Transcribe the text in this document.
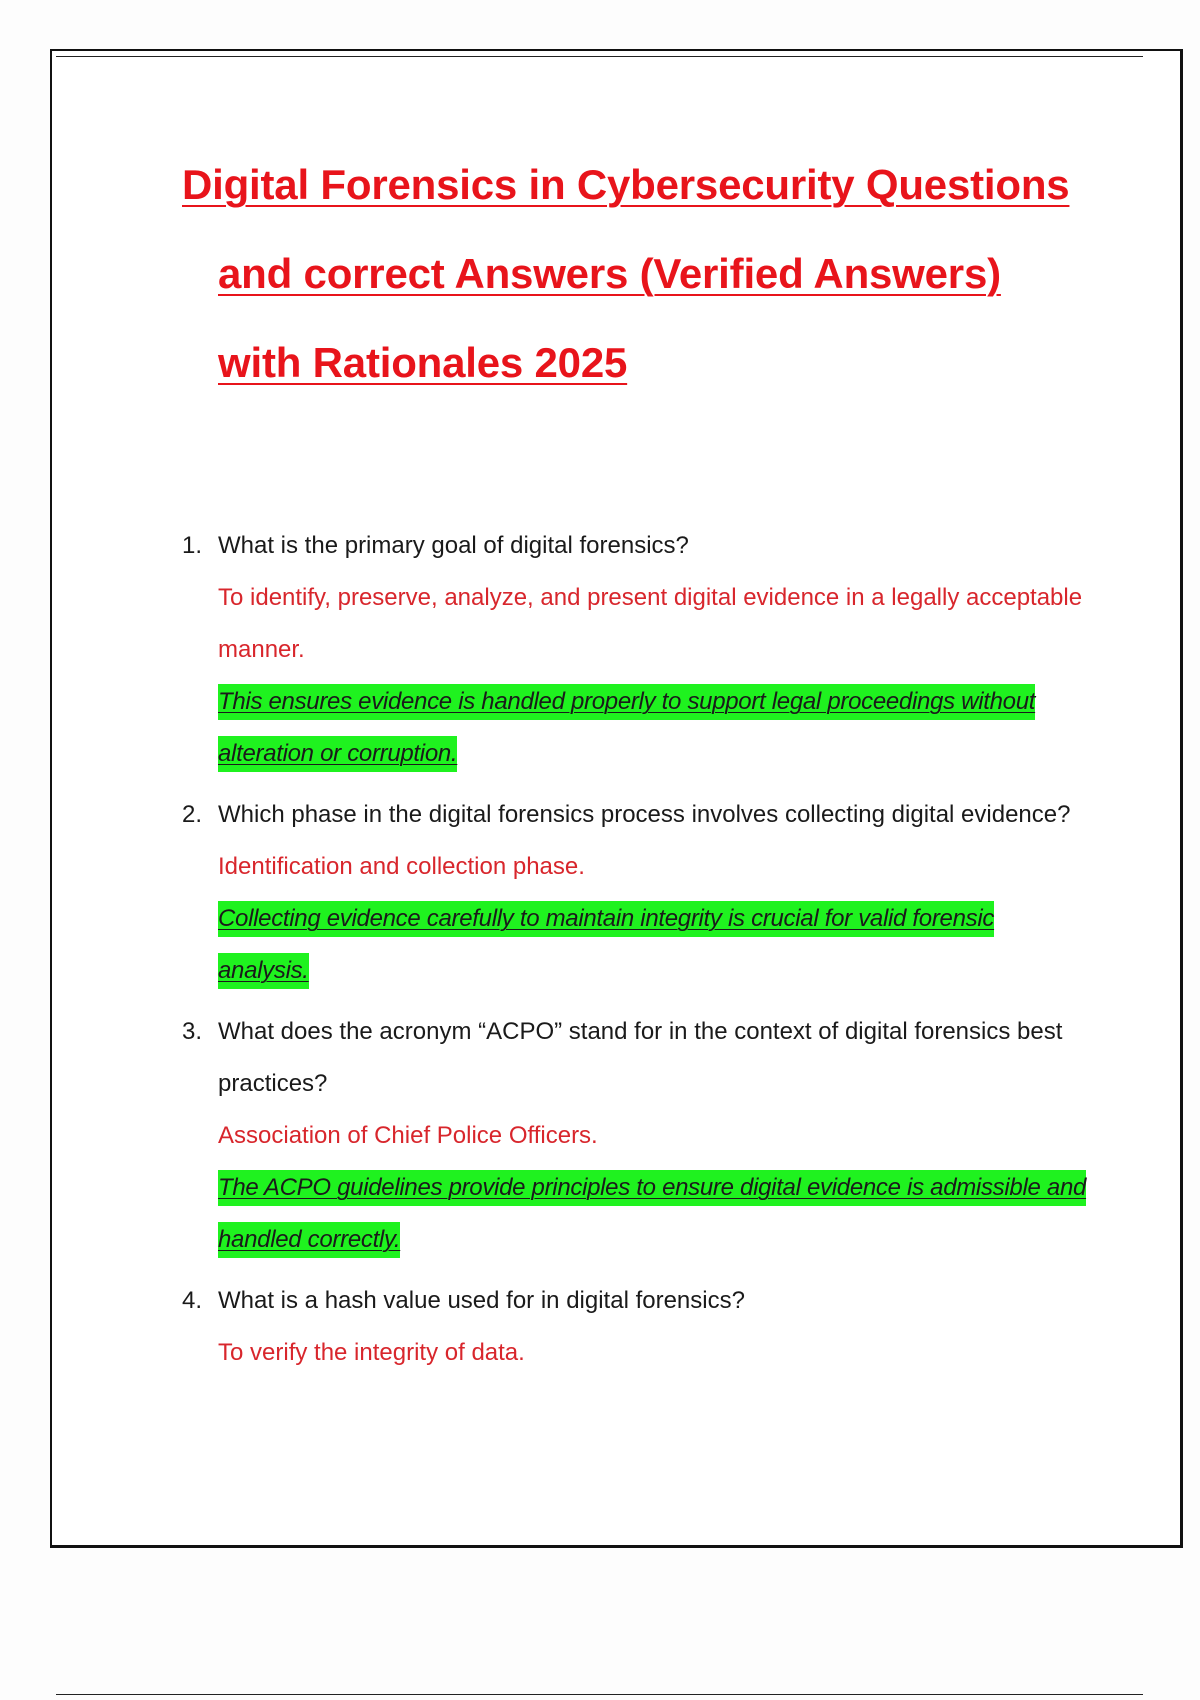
Digital Forensics in Cybersecurity Questions
and correct Answers (Verified Answers)
with Rationales 2025
1. What is the primary goal of digital forensics?

To identify, preserve, analyze, and present digital evidence in a legally acceptable manner.

This ensures evidence is handled properly to support legal proceedings without alteration or corruption.

2. Which phase in the digital forensics process involves collecting digital evidence?

Identification and collection phase.

Collecting evidence carefully to maintain integrity is crucial for valid forensic analysis.

3. What does the acronym “ACPO” stand for in the context of digital forensics best practices?

Association of Chief Police Officers.

The ACPO guidelines provide principles to ensure digital evidence is admissible and handled correctly.

4. What is a hash value used for in digital forensics?

To verify the integrity of data.
